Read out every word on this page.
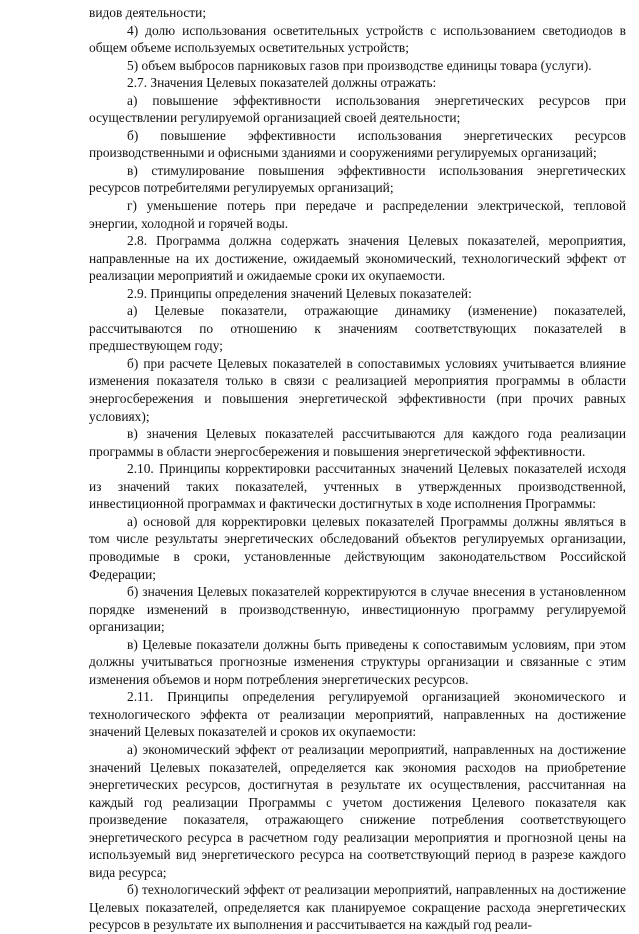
видов деятельности;

4) долю использования осветительных устройств с использованием светодиодов в общем объеме используемых осветительных устройств;

5) объем выбросов парниковых газов при производстве единицы товара (услуги).

2.7. Значения Целевых показателей должны отражать:

а) повышение эффективности использования энергетических ресурсов при осуществлении регулируемой организацией своей деятельности;

б) повышение эффективности использования энергетических ресурсов производственными и офисными зданиями и сооружениями регулируемых организаций;

в) стимулирование повышения эффективности использования энергетических ресурсов потребителями регулируемых организаций;

г) уменьшение потерь при передаче и распределении электрической, тепловой энергии, холодной и горячей воды.

2.8. Программа должна содержать значения Целевых показателей, мероприятия, направленные на их достижение, ожидаемый экономический, технологический эффект от реализации мероприятий и ожидаемые сроки их окупаемости.

2.9. Принципы определения значений Целевых показателей:

а) Целевые показатели, отражающие динамику (изменение) показателей, рассчитываются по отношению к значениям соответствующих показателей в предшествующем году;

б) при расчете Целевых показателей в сопоставимых условиях учитывается влияние изменения показателя только в связи с реализацией мероприятия программы в области энергосбережения и повышения энергетической эффективности (при прочих равных условиях);

в) значения Целевых показателей рассчитываются для каждого года реализации программы в области энергосбережения и повышения энергетической эффективности.

2.10. Принципы корректировки рассчитанных значений Целевых показателей исходя из значений таких показателей, учтенных в утвержденных производственной, инвестиционной программах и фактически достигнутых в ходе исполнения Программы:

а) основой для корректировки целевых показателей Программы должны являться в том числе результаты энергетических обследований объектов регулируемых организации, проводимые в сроки, установленные действующим законодательством Российской Федерации;

б) значения Целевых показателей корректируются в случае внесения в установленном порядке изменений в производственную, инвестиционную программу регулируемой организации;

в) Целевые показатели должны быть приведены к сопоставимым условиям, при этом должны учитываться прогнозные изменения структуры организации и связанные с этим изменения объемов и норм потребления энергетических ресурсов.

2.11. Принципы определения регулируемой организацией экономического и технологического эффекта от реализации мероприятий, направленных на достижение значений Целевых показателей и сроков их окупаемости:

а) экономический эффект от реализации мероприятий, направленных на достижение значений Целевых показателей, определяется как экономия расходов на приобретение энергетических ресурсов, достигнутая в результате их осуществления, рассчитанная на каждый год реализации Программы с учетом достижения Целевого показателя как произведение показателя, отражающего снижение потребления соответствующего энергетического ресурса в расчетном году реализации мероприятия и прогнозной цены на используемый вид энергетического ресурса на соответствующий период в разрезе каждого вида ресурса;

б) технологический эффект от реализации мероприятий, направленных на достижение Целевых показателей, определяется как планируемое сокращение расхода энергетических ресурсов в результате их выполнения и рассчитывается на каждый год реали-
